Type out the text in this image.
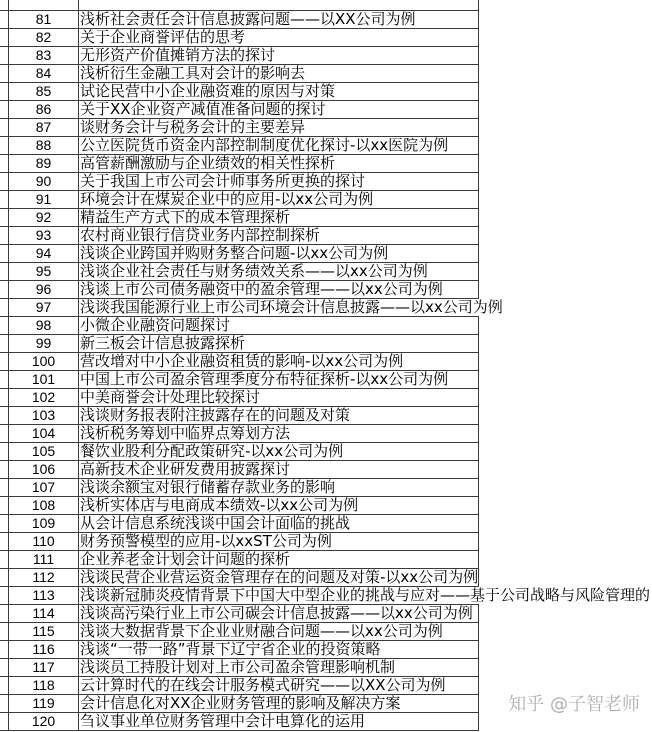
81	浅析社会责任会计信息披露问题——以XX公司为例
82	关于企业商誉评估的思考
83	无形资产价值摊销方法的探讨
84	浅析衍生金融工具对会计的影响去
85	试论民营中小企业融资难的原因与对策
86	关于XX企业资产减值准备问题的探讨
87	谈财务会计与税务会计的主要差异
88	公立医院货币资金内部控制制度优化探讨-以xx医院为例
89	高管薪酬激励与企业绩效的相关性探析
90	关于我国上市公司会计师事务所更换的探讨
91	环境会计在煤炭企业中的应用-以xx公司为例
92	精益生产方式下的成本管理探析
93	农村商业银行信贷业务内部控制探析
94	浅谈企业跨国并购财务整合问题-以xx公司为例
95	浅谈企业社会责任与财务绩效关系——以xx公司为例
96	浅谈上市公司债务融资中的盈余管理——以xx公司为例
97	浅谈我国能源行业上市公司环境会计信息披露——以xx公司为例
98	小微企业融资问题探讨
99	新三板会计信息披露探析
100	营改增对中小企业融资租赁的影响-以xx公司为例
101	中国上市公司盈余管理季度分布特征探析-以xx公司为例
102	中美商誉会计处理比较探讨
103	浅谈财务报表附注披露存在的问题及对策
104	浅析税务筹划中临界点筹划方法
105	餐饮业股利分配政策研究-以xx公司为例
106	高新技术企业研发费用披露探讨
107	浅谈余额宝对银行储蓄存款业务的影响
108	浅析实体店与电商成本绩效-以xx公司为例
109	从会计信息系统浅谈中国会计面临的挑战
110	财务预警模型的应用-以xxST公司为例
111	企业养老金计划会计问题的探析
112	浅谈民营企业营运资金管理存在的问题及对策-以xx公司为例
113	浅谈新冠肺炎疫情背景下中国大中型企业的挑战与应对——基于公司战略与风险管理的
114	浅谈高污染行业上市公司碳会计信息披露——以xx公司为例
115	浅谈大数据背景下企业业财融合问题——以xx公司为例
116	浅谈“一带一路”背景下辽宁省企业的投资策略
117	浅谈员工持股计划对上市公司盈余管理影响机制
118	云计算时代的在线会计服务模式研究——以XX公司为例
119	会计信息化对XX企业财务管理的影响及解决方案
120	刍议事业单位财务管理中会计电算化的运用
知乎 @子智老师
